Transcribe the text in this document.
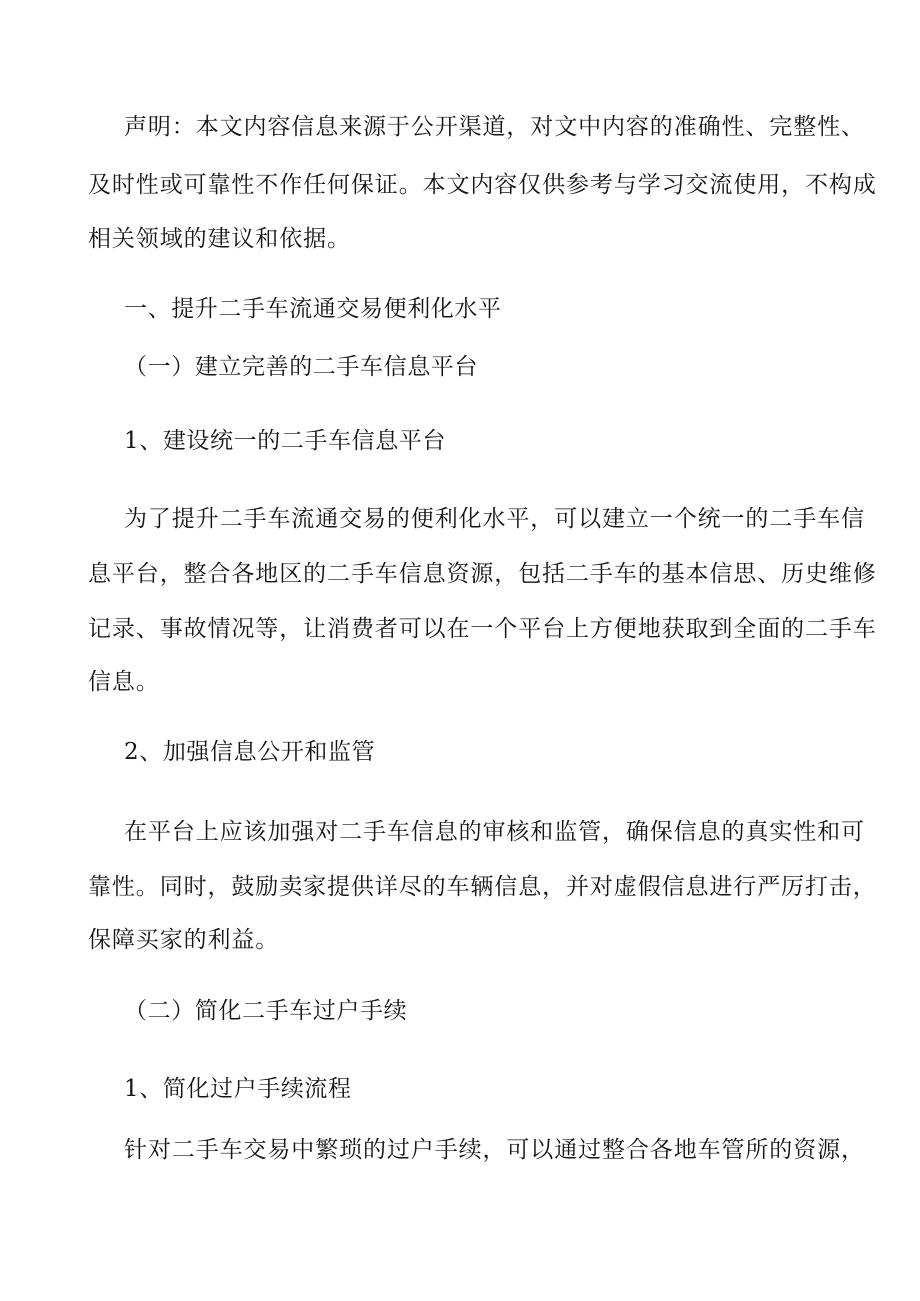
声明：本文内容信息来源于公开渠道，对文中内容的准确性、完整性、
及时性或可靠性不作任何保证。本文内容仅供参考与学习交流使用，不构成
相关领域的建议和依据。
一、提升二手车流通交易便利化水平
（一）建立完善的二手车信息平台
1、建设统一的二手车信息平台
为了提升二手车流通交易的便利化水平，可以建立一个统一的二手车信
息平台，整合各地区的二手车信息资源，包括二手车的基本信思、历史维修
记录、事故情况等，让消费者可以在一个平台上方便地获取到全面的二手车
信息。
2、加强信息公开和监管
在平台上应该加强对二手车信息的审核和监管，确保信息的真实性和可
靠性。同时，鼓励卖家提供详尽的车辆信息，并对虚假信息进行严厉打击，
保障买家的利益。
（二）简化二手车过户手续
1、简化过户手续流程
针对二手车交易中繁琐的过户手续，可以通过整合各地车管所的资源，
